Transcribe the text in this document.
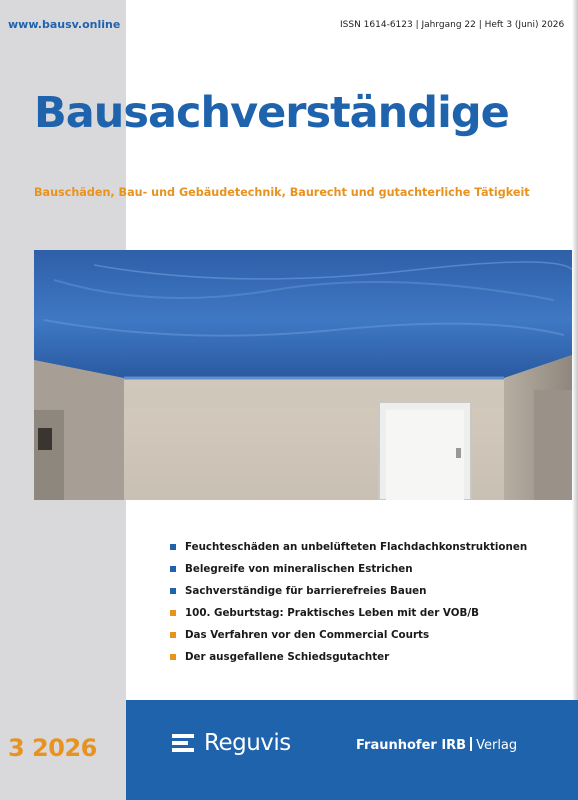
www.bausv.online	ISSN 1614-6123 | Jahrgang 22 | Heft 3 (Juni) 2026
Bausachverständige
Bauschäden, Bau- und Gebäudetechnik, Baurecht und gutachterliche Tätigkeit
Feuchteschäden an unbelüfteten Flachdachkonstruktionen
Belegreife von mineralischen Estrichen
Sachverständige für barrierefreies Bauen
100. Geburtstag: Praktisches Leben mit der VOB/B
Das Verfahren vor den Commercial Courts
Der ausgefallene Schiedsgutachter
3 2026	Reguvis	Fraunhofer IRB Verlag
